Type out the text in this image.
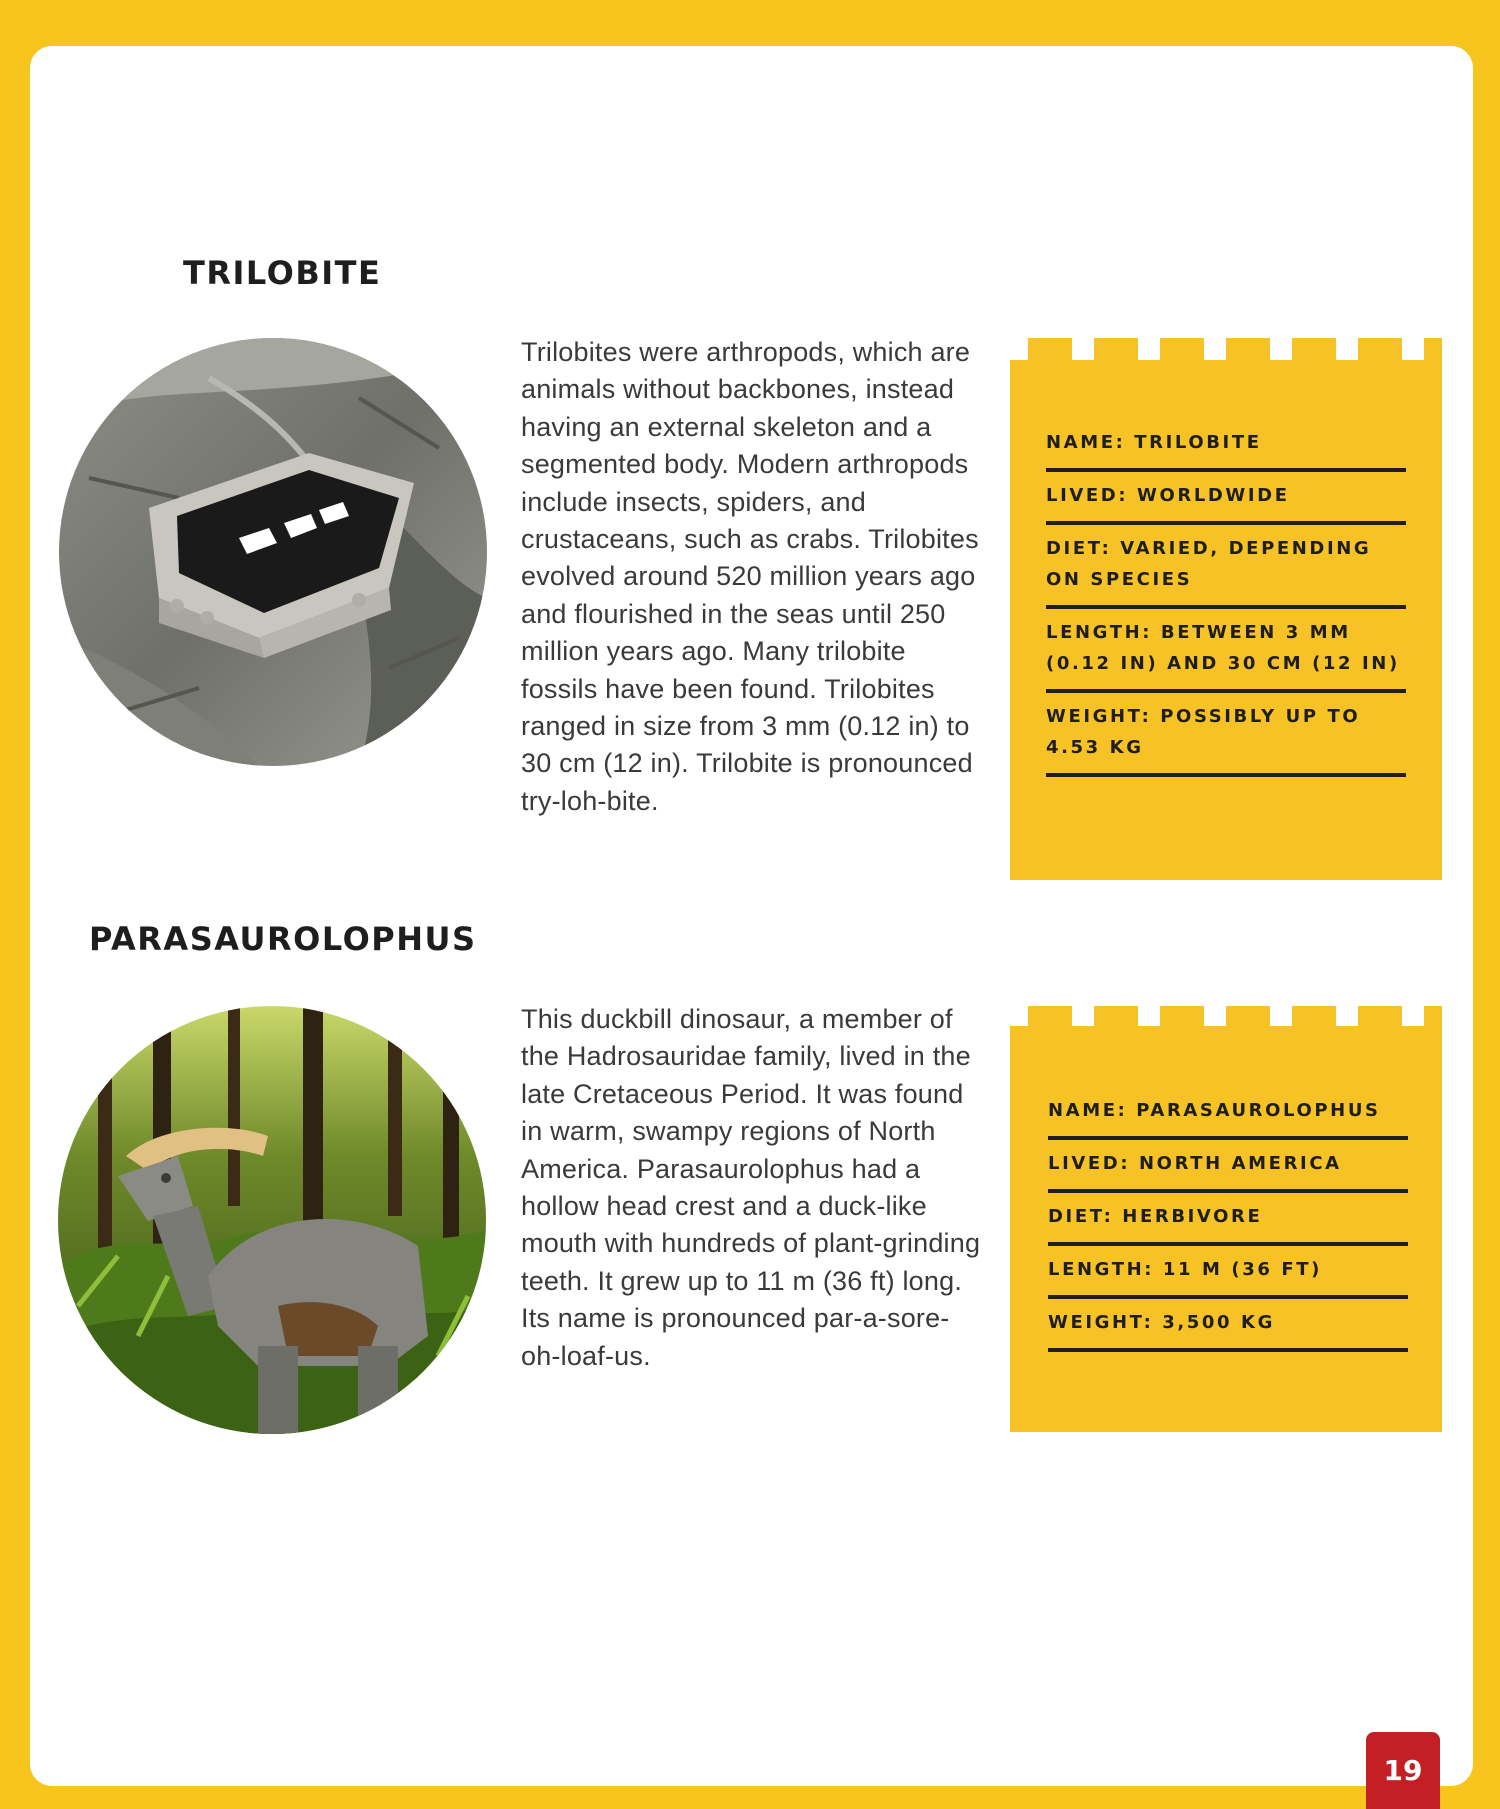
TRILOBITE

Trilobites were arthropods, which are animals without backbones, instead having an external skeleton and a segmented body. Modern arthropods include insects, spiders, and crustaceans, such as crabs. Trilobites evolved around 520 million years ago and flourished in the seas until 250 million years ago. Many trilobite fossils have been found. Trilobites ranged in size from 3 mm (0.12 in) to 30 cm (12 in). Trilobite is pronounced try-loh-bite.

NAME: TRILOBITE
LIVED: WORLDWIDE
DIET: VARIED, DEPENDING ON SPECIES
LENGTH: BETWEEN 3 MM (0.12 IN) AND 30 CM (12 IN)
WEIGHT: POSSIBLY UP TO 4.53 KG
PARASAUROLOPHUS

This duckbill dinosaur, a member of the Hadrosauridae family, lived in the late Cretaceous Period. It was found in warm, swampy regions of North America. Parasaurolophus had a hollow head crest and a duck-like mouth with hundreds of plant-grinding teeth. It grew up to 11 m (36 ft) long. Its name is pronounced par-a-sore-oh-loaf-us.

NAME: PARASAUROLOPHUS
LIVED: NORTH AMERICA
DIET: HERBIVORE
LENGTH: 11 M (36 FT)
WEIGHT: 3,500 KG
19
